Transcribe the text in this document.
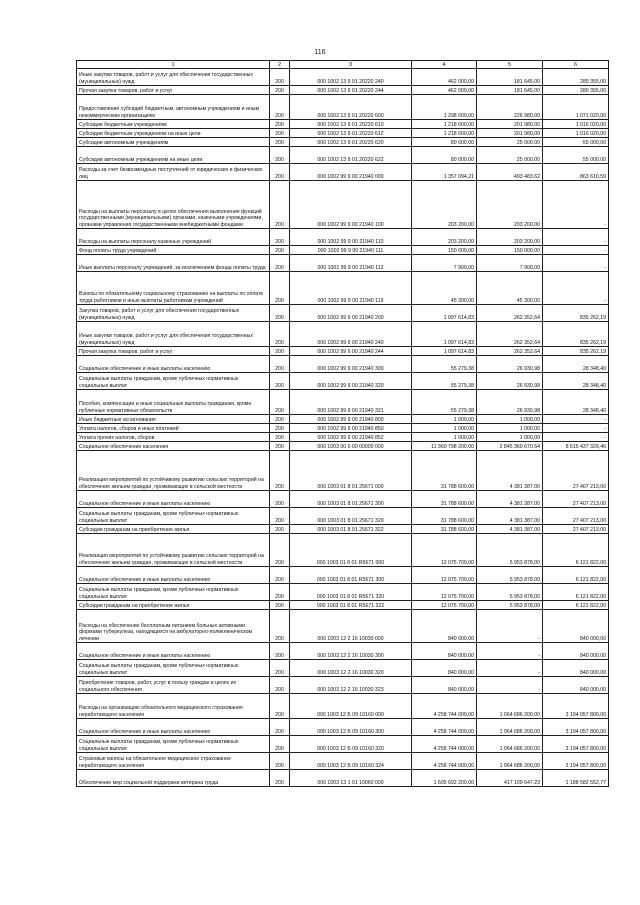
116
1	2	3	4	5	6
Иные закупки товаров, работ и услуг для обеспечения государственных (муниципальных) нужд	200	000 1002 13 9 01 20220 240	462 000,00	181 645,00	280 355,00
Прочая закупка товаров, работ и услуг	200	000 1002 13 9 01 20220 244	462 000,00	181 645,00	280 355,00
Предоставление субсидий бюджетным, автономным учреждениям и иным некоммерческим организациям	200	000 1002 13 9 01 20220 600	1 298 000,00	226 980,00	1 071 020,00
Субсидии бюджетным учреждениям	200	000 1002 13 9 01 20220 610	1 218 000,00	201 980,00	1 016 020,00
Субсидии бюджетным учреждениям на иные цели	200	000 1002 13 9 01 20220 612	1 218 000,00	201 980,00	1 016 020,00
Субсидии автономным учреждениям	200	000 1002 13 9 01 20220 620	80 000,00	25 000,00	55 000,00
Субсидии автономным учреждениям на иные цели	200	000 1002 13 9 01 20220 622	80 000,00	25 000,00	55 000,00
Расходы за счет безвозмездных поступлений от юридических и физических лиц	200	000 1002 99 9 00 21940 000	1 357 094,21	493 483,62	863 610,59
Расходы на выплаты персоналу в целях обеспечения выполнения функций государственными (муниципальными) органами, казенными учреждениями, органами управления государственными внебюджетными фондами	200	000 1002 99 9 00 21940 100	203 200,00	203 200,00	-
Расходы на выплаты персоналу казенных учреждений	200	000 1002 99 9 00 21940 110	203 200,00	203 200,00	-
Фонд оплаты труда учреждений	200	000 1002 99 9 00 21940 111	150 000,00	150 000,00	-
Иные выплаты персоналу учреждений, за исключением фонда оплаты труда	200	000 1002 99 9 00 21940 112	7 900,00	7 900,00	-
Взносы по обязательному социальному страхованию на выплаты по оплате труда работников и иные выплаты работникам учреждений	200	000 1002 99 9 00 21940 119	45 300,00	45 300,00	-
Закупка товаров, работ и услуг для обеспечения государственных (муниципальных) нужд	200	000 1002 99 9 00 21940 200	1 097 614,83	262 352,64	835 262,19
Иные закупки товаров, работ и услуг для обеспечения государственных (муниципальных) нужд	200	000 1002 99 9 00 21940 240	1 097 614,83	262 352,64	835 262,19
Прочая закупка товаров, работ и услуг	200	000 1002 99 9 00 21940 244	1 097 614,83	262 352,64	835 262,19
Социальное обеспечение и иные выплаты населению	200	000 1002 99 9 00 21940 300	55 279,38	26 930,98	28 348,40
Социальные выплаты гражданам, кроме публичных нормативных социальных выплат	200	000 1002 99 9 00 21940 320	55 279,38	26 930,98	28 348,40
Пособия, компенсации и иные социальные выплаты гражданам, кроме публичных нормативных обязательств	200	000 1002 99 9 00 21940 321	55 279,38	26 930,98	28 348,40
Иные бюджетные ассигнования	200	000 1002 99 9 00 21940 800	1 000,00	1 000,00	-
Уплата налогов, сборов и иных платежей	200	000 1002 99 9 00 21940 850	1 000,00	1 000,00	-
Уплата прочих налогов, сборов	200	000 1002 99 9 00 21940 852	1 000,00	1 000,00	-
Социальное обеспечение населения	200	000 1003 00 0 00 00000 000	11 360 798 200,00	2 845 360 670,54	8 515 437 329,46
Реализация мероприятий по устойчивому развитию сельских территорий на обеспечение жильем граждан, проживающих в сельской местности	200	000 1003 01 8 01 25671 000	31 788 600,00	4 381 387,00	27 407 213,00
Социальное обеспечение и иные выплаты населению	200	000 1003 01 8 01 25671 300	31 788 600,00	4 381 387,00	27 407 213,00
Социальные выплаты гражданам, кроме публичных нормативных социальных выплат	200	000 1003 01 8 01 25671 320	31 788 600,00	4 381 387,00	27 407 213,00
Субсидии гражданам на приобретение жилья	200	000 1003 01 8 01 25671 322	31 788 600,00	4 381 387,00	27 407 213,00
Реализация мероприятий по устойчивому развитию сельских территорий на обеспечение жильем граждан, проживающих в сельской местности	200	000 1003 01 8 01 R5671 000	12 075 700,00	5 953 878,00	6 121 822,00
Социальное обеспечение и иные выплаты населению	200	000 1003 01 8 01 R5671 300	12 075 700,00	5 953 878,00	6 121 822,00
Социальные выплаты гражданам, кроме публичных нормативных социальных выплат	200	000 1003 01 8 01 R5671 320	12 075 700,00	5 953 878,00	6 121 822,00
Субсидии гражданам на приобретение жилья	200	000 1003 01 8 01 R5671 322	12 075 700,00	5 953 878,00	6 121 822,00
Расходы на обеспечение бесплатным питанием больных активными формами туберкулеза, находящихся на амбулаторно-поликлиническом лечении	200	000 1003 12 2 16 10030 000	840 000,00	-	840 000,00
Социальное обеспечение и иные выплаты населению	200	000 1003 12 2 16 10030 300	840 000,00	-	840 000,00
Социальные выплаты гражданам, кроме публичных нормативных социальных выплат	200	000 1003 12 2 16 10030 320	840 000,00	-	840 000,00
Приобретение товаров, работ, услуг в пользу граждан в целях их социального обеспечения	200	000 1003 12 2 16 10030 323	840 000,00	-	840 000,00
Расходы на организацию обязательного медицинского страхования неработающего населения	200	000 1003 12 Б 09 10160 000	4 258 744 000,00	1 064 686 200,00	3 194 057 800,00
Социальное обеспечение и иные выплаты населению	200	000 1003 12 Б 09 10160 300	4 258 744 000,00	1 064 686 200,00	3 194 057 800,00
Социальные выплаты гражданам, кроме публичных нормативных социальных выплат	200	000 1003 12 Б 09 10160 320	4 258 744 000,00	1 064 686 200,00	3 194 057 800,00
Страховые взносы на обязательное медицинское страхование неработающего населения	200	000 1003 12 Б 09 10160 324	4 258 744 000,00	1 064 686 200,00	3 194 057 800,00
Обеспечение мер социальной поддержки ветерана труда	200	000 1003 13 1 01 10060 000	1 605 692 200,00	417 109 647,23	1 188 582 552,77
